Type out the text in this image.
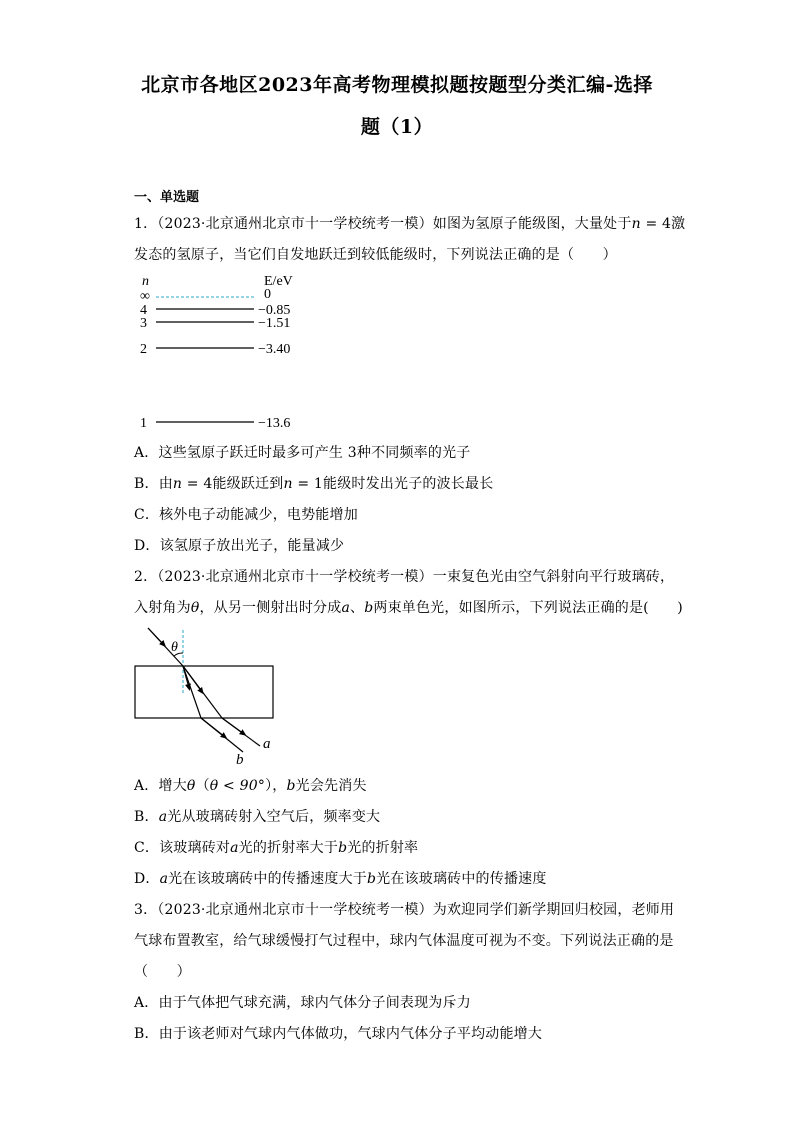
北京市各地区2023年高考物理模拟题按题型分类汇编-选择
题（1）
一、单选题
1．（2023·北京通州北京市十一学校统考一模）如图为氢原子能级图，大量处于n = 4激
发态的氢原子，当它们自发地跃迁到较低能级时，下列说法正确的是（　　）
n	E/eV
∞	0
4	−0.85
3	−1.51
2	−3.40
1	−13.6
A．这些氢原子跃迁时最多可产生 3种不同频率的光子
B．由n = 4能级跃迁到n = 1能级时发出光子的波长最长
C．核外电子动能减少，电势能增加
D．该氢原子放出光子，能量减少
2．（2023·北京通州北京市十一学校统考一模）一束复色光由空气斜射向平行玻璃砖，
入射角为θ，从另一侧射出时分成a、b两束单色光，如图所示，下列说法正确的是(　　)
θ
a
b
A．增大θ（θ < 90°），b光会先消失
B．a光从玻璃砖射入空气后，频率变大
C．该玻璃砖对a光的折射率大于b光的折射率
D．a光在该玻璃砖中的传播速度大于b光在该玻璃砖中的传播速度
3．（2023·北京通州北京市十一学校统考一模）为欢迎同学们新学期回归校园，老师用
气球布置教室，给气球缓慢打气过程中，球内气体温度可视为不变。下列说法正确的是
（　　）
A．由于气体把气球充满，球内气体分子间表现为斥力
B．由于该老师对气球内气体做功，气球内气体分子平均动能增大
